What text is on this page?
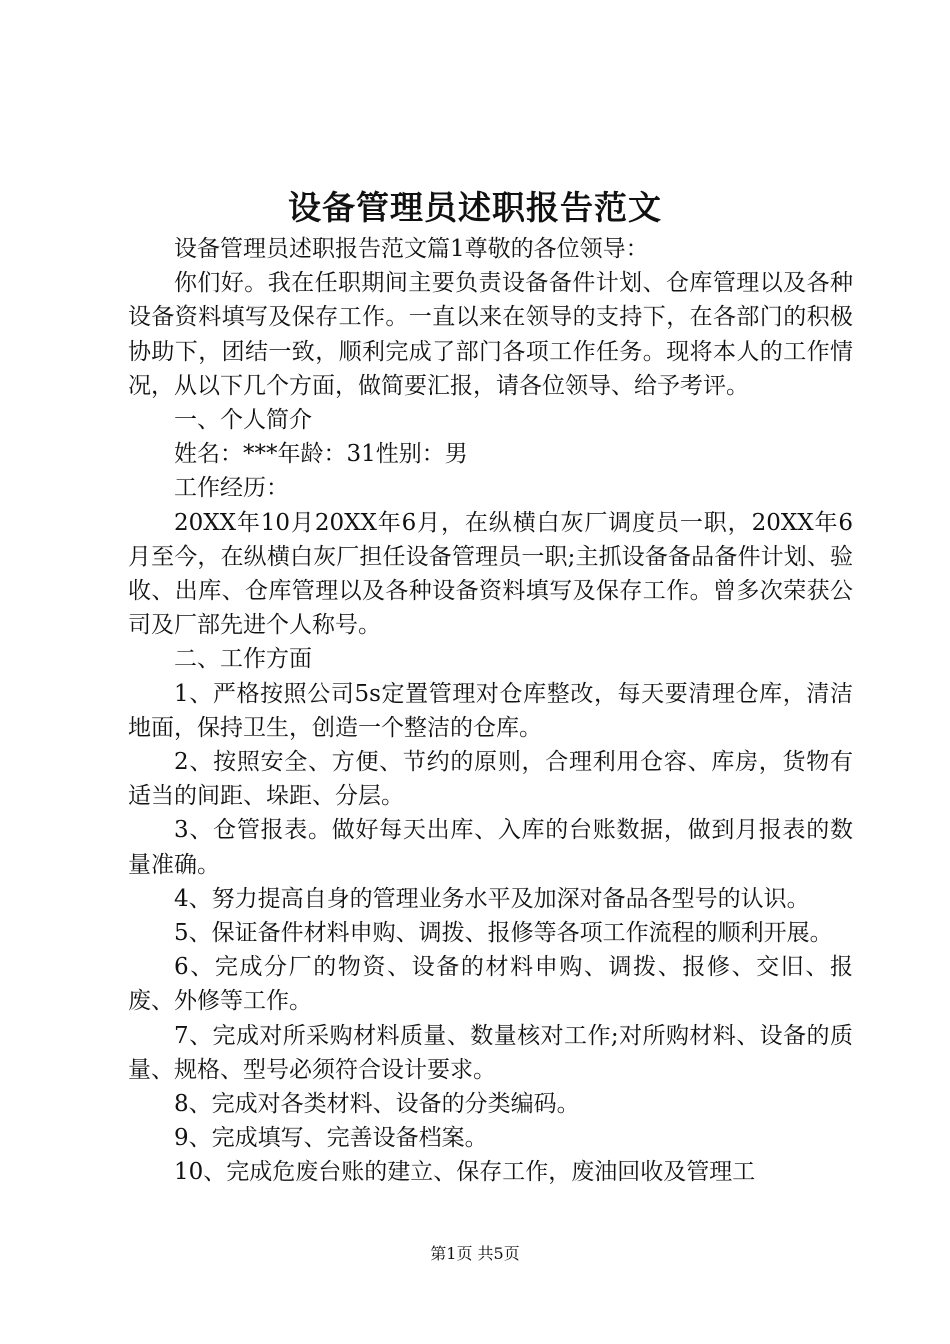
设备管理员述职报告范文

设备管理员述职报告范文篇1尊敬的各位领导：

你们好。我在任职期间主要负责设备备件计划、仓库管理以及各种设备资料填写及保存工作。一直以来在领导的支持下，在各部门的积极协助下，团结一致，顺利完成了部门各项工作任务。现将本人的工作情况，从以下几个方面，做简要汇报，请各位领导、给予考评。

一、个人简介

姓名：***年龄：31性别：男

工作经历：

20XX年10月20XX年6月，在纵横白灰厂调度员一职，20XX年6月至今，在纵横白灰厂担任设备管理员一职;主抓设备备品备件计划、验收、出库、仓库管理以及各种设备资料填写及保存工作。曾多次荣获公司及厂部先进个人称号。

二、工作方面

1、严格按照公司5s定置管理对仓库整改，每天要清理仓库，清洁地面，保持卫生，创造一个整洁的仓库。

2、按照安全、方便、节约的原则，合理利用仓容、库房，货物有适当的间距、垛距、分层。

3、仓管报表。做好每天出库、入库的台账数据，做到月报表的数量准确。

4、努力提高自身的管理业务水平及加深对备品各型号的认识。

5、保证备件材料申购、调拨、报修等各项工作流程的顺利开展。

6、完成分厂的物资、设备的材料申购、调拨、报修、交旧、报废、外修等工作。

7、完成对所采购材料质量、数量核对工作;对所购材料、设备的质量、规格、型号必须符合设计要求。

8、完成对各类材料、设备的分类编码。

9、完成填写、完善设备档案。

10、完成危废台账的建立、保存工作，废油回收及管理工

第1页 共5页
